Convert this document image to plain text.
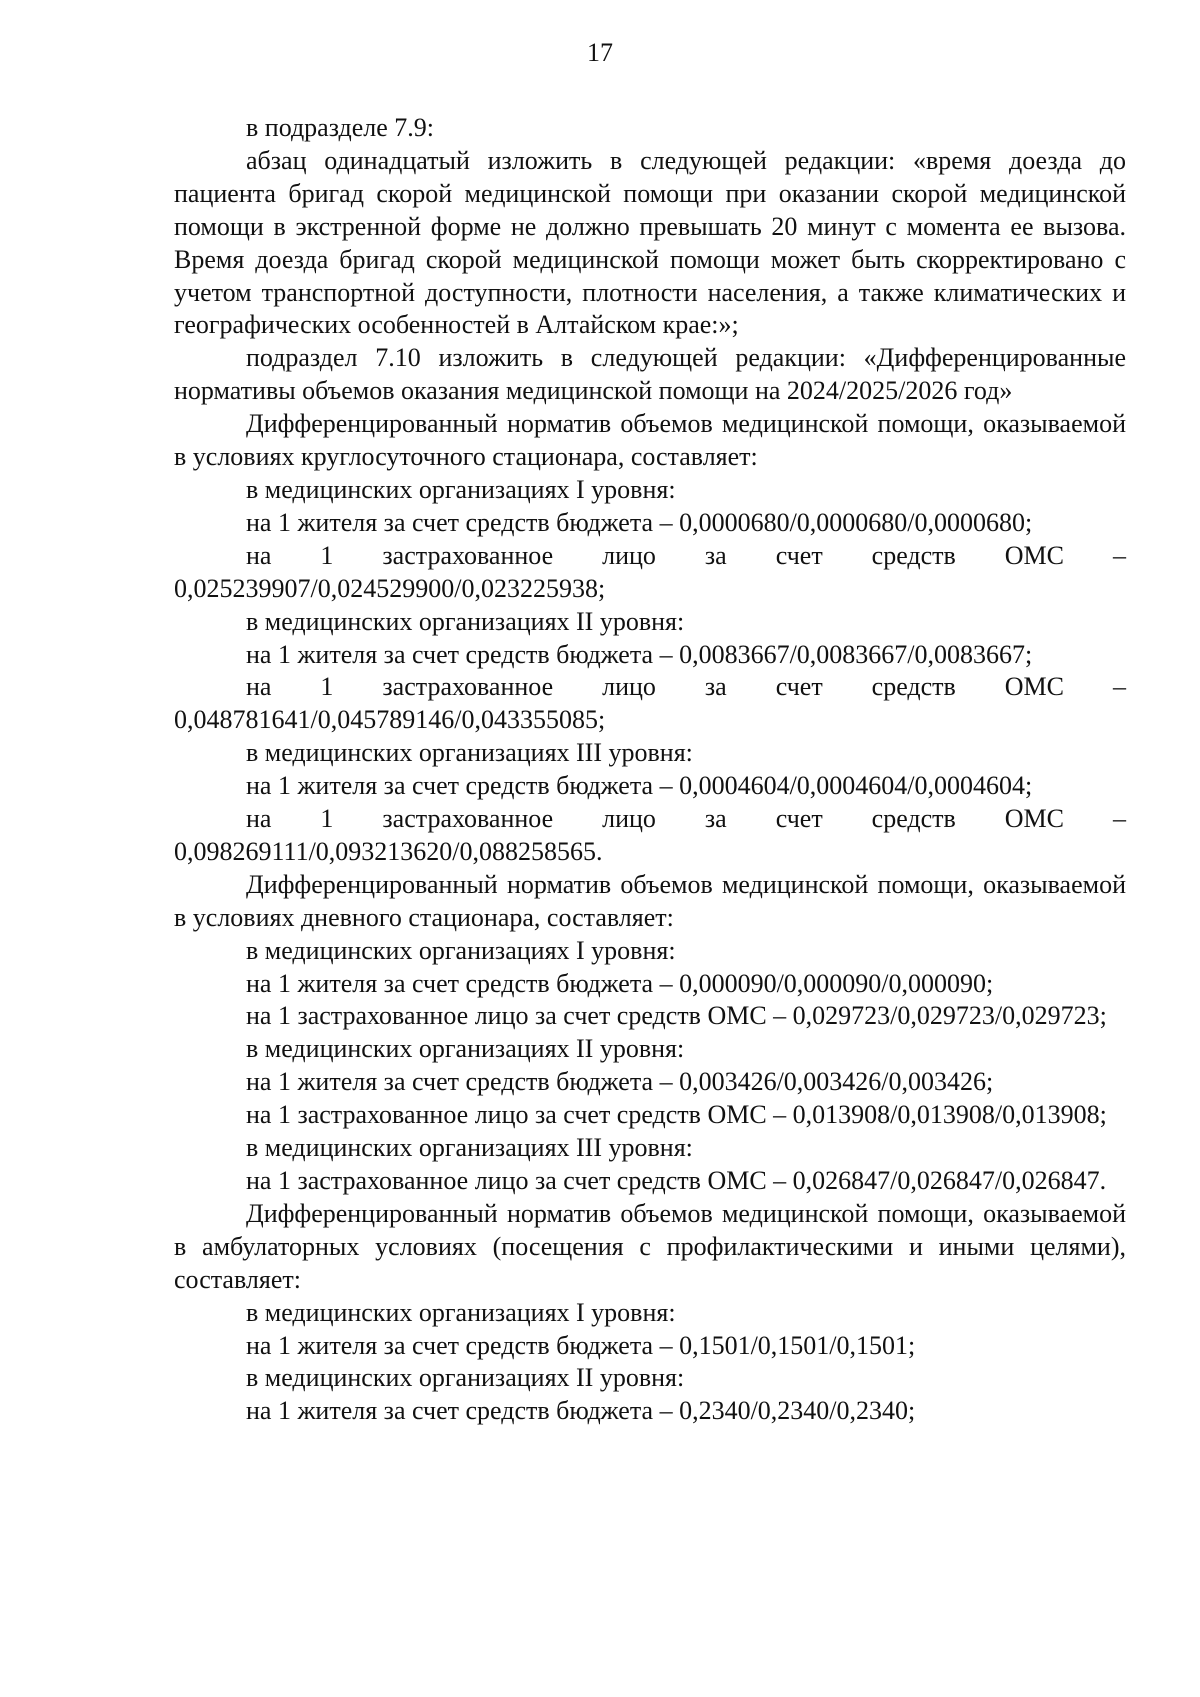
17

в подразделе 7.9:

абзац одинадцатый изложить в следующей редакции: «время доезда до пациента бригад скорой медицинской помощи при оказании скорой медицинской помощи в экстренной форме не должно превышать 20 минут с момента ее вызова. Время доезда бригад скорой медицинской помощи может быть скорректировано с учетом транспортной доступности, плотности населения, а также климатических и географических особенностей в Алтайском крае:»;

подраздел 7.10 изложить в следующей редакции: «Дифференцированные нормативы объемов оказания медицинской помощи на 2024/2025/2026 год»

Дифференцированный норматив объемов медицинской помощи, оказываемой в условиях круглосуточного стационара, составляет:

в медицинских организациях I уровня:

на 1 жителя за счет средств бюджета – 0,0000680/0,0000680/0,0000680;

на 1 застрахованное лицо за счет средств ОМС – 0,025239907/0,024529900/0,023225938;

в медицинских организациях II уровня:

на 1 жителя за счет средств бюджета – 0,0083667/0,0083667/0,0083667;

на 1 застрахованное лицо за счет средств ОМС – 0,048781641/0,045789146/0,043355085;

в медицинских организациях III уровня:

на 1 жителя за счет средств бюджета – 0,0004604/0,0004604/0,0004604;

на 1 застрахованное лицо за счет средств ОМС – 0,098269111/0,093213620/0,088258565.

Дифференцированный норматив объемов медицинской помощи, оказываемой в условиях дневного стационара, составляет:

в медицинских организациях I уровня:

на 1 жителя за счет средств бюджета – 0,000090/0,000090/0,000090;

на 1 застрахованное лицо за счет средств ОМС – 0,029723/0,029723/0,029723;

в медицинских организациях II уровня:

на 1 жителя за счет средств бюджета – 0,003426/0,003426/0,003426;

на 1 застрахованное лицо за счет средств ОМС – 0,013908/0,013908/0,013908;

в медицинских организациях III уровня:

на 1 застрахованное лицо за счет средств ОМС – 0,026847/0,026847/0,026847.

Дифференцированный норматив объемов медицинской помощи, оказываемой в амбулаторных условиях (посещения с профилактическими и иными целями), составляет:

в медицинских организациях I уровня:

на 1 жителя за счет средств бюджета – 0,1501/0,1501/0,1501;

в медицинских организациях II уровня:

на 1 жителя за счет средств бюджета – 0,2340/0,2340/0,2340;
